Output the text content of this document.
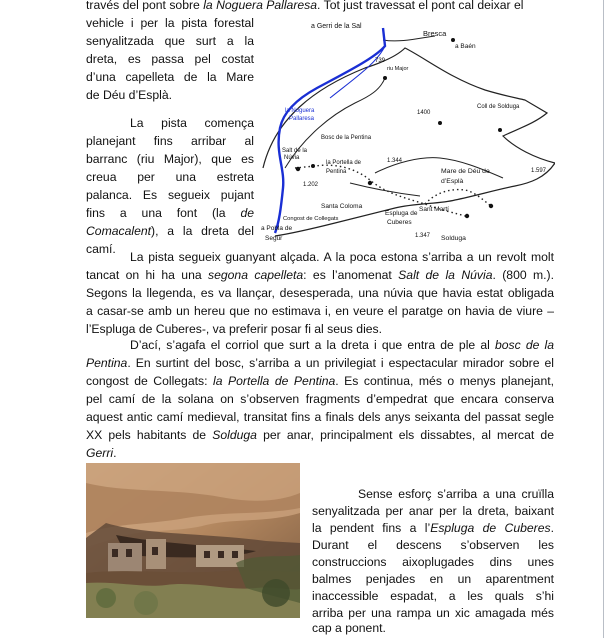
través del pont sobre la Noguera Pallaresa. Tot just travessat el pont cal deixar el

vehicle i per la pista forestal

senyalitzada que surt a la

dreta, es passa pel costat

d’una capelleta de la Mare

de Déu d’Esplà.

La pista comença

planejant fins arribar al

barranc (riu Major), que es

creua per una estreta

palanca. Es segueix pujant

fins a una font (la de

Comacalent), a la dreta del

camí.

a Gerri de la Sal
Bresca
a Baén
739
riu Major
la Noguera
Pallaresa
1400
Coll de Solduga
Bosc de la Pentina
Salt de la
Núvia	1.344
la Portella de
Pentina	Mare de Déu de
d’Esplà
1.597
1.202
Santa Coloma
Espluga de
Cuberes
Sant Martí
Congost de Collegats
a Pobla de
Segur	1.347 Solduga

La pista segueix guanyant alçada. A la poca estona s’arriba a un revolt molt

tancat on hi ha una segona capelleta: es l’anomenat Salt de la Núvia. (800 m.).

Segons la llegenda, es va llançar, desesperada, una núvia que havia estat obligada

a casar-se amb un hereu que no estimava i, en veure el paratge on havia de viure –

l’Espluga de Cuberes-, va preferir posar fi al seus dies.

D’ací, s’agafa el corriol que surt a la dreta i que entra de ple al bosc de la

Pentina. En surtint del bosc, s’arriba a un privilegiat i espectacular mirador sobre el

congost de Collegats: la Portella de Pentina. Es continua, més o menys planejant,

pel camí de la solana on s’observen fragments d’empedrat que encara conserva

aquest antic camí medieval, transitat fins a finals dels anys seixanta del passat segle

XX pels habitants de Solduga per anar, principalment els dissabtes, al mercat de

Gerri.

Sense esforç s’arriba a una cruïlla

senyalitzada per anar per la dreta, baixant

la pendent fins a l’Espluga de Cuberes.

Durant el descens s’observen les

construccions aixoplugades dins unes

balmes penjades en un aparentment

inaccessible espadat, a les quals s’hi

arriba per una rampa un xic amagada més

cap a ponent.
